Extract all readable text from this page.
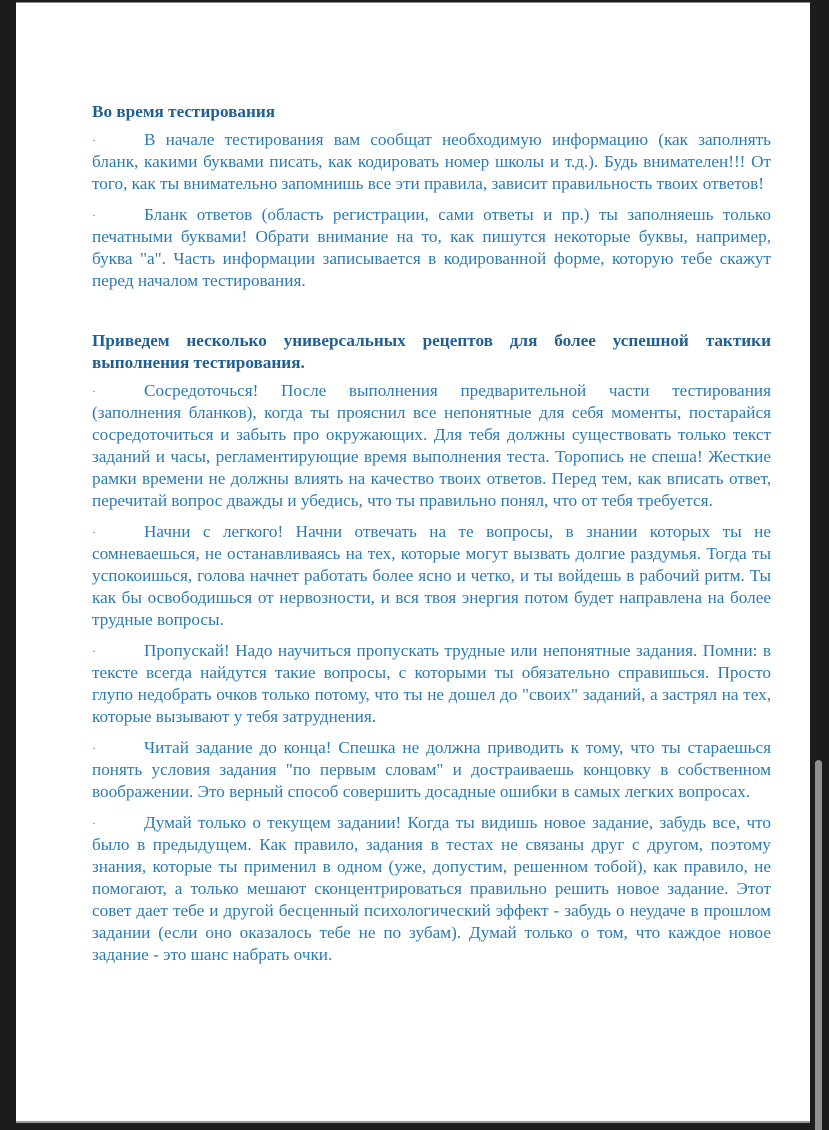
Во время тестирования
·	В начале тестирования вам сообщат необходимую информацию (как заполнять бланк, какими буквами писать, как кодировать номер школы и т.д.). Будь внимателен!!! От того, как ты внимательно запомнишь все эти правила, зависит правильность твоих ответов!
·	Бланк ответов (область регистрации, сами ответы и пр.) ты заполняешь только печатными буквами! Обрати внимание на то, как пишутся некоторые буквы, например, буква "а". Часть информации записывается в кодированной форме, которую тебе скажут перед началом тестирования.
Приведем несколько универсальных рецептов для более успешной тактики выполнения тестирования.
·	Сосредоточься! После выполнения предварительной части тестирования (заполнения бланков), когда ты прояснил все непонятные для себя моменты, постарайся сосредоточиться и забыть про окружающих. Для тебя должны существовать только текст заданий и часы, регламентирующие время выполнения теста. Торопись не спеша! Жесткие рамки времени не должны влиять на качество твоих ответов. Перед тем, как вписать ответ, перечитай вопрос дважды и убедись, что ты правильно понял, что от тебя требуется.
·	Начни с легкого! Начни отвечать на те вопросы, в знании которых ты не сомневаешься, не останавливаясь на тех, которые могут вызвать долгие раздумья. Тогда ты успокоишься, голова начнет работать более ясно и четко, и ты войдешь в рабочий ритм. Ты как бы освободишься от нервозности, и вся твоя энергия потом будет направлена на более трудные вопросы.
·	Пропускай! Надо научиться пропускать трудные или непонятные задания. Помни: в тексте всегда найдутся такие вопросы, с которыми ты обязательно справишься. Просто глупо недобрать очков только потому, что ты не дошел до "своих" заданий, а застрял на тех, которые вызывают у тебя затруднения.
·	Читай задание до конца! Спешка не должна приводить к тому, что ты стараешься понять условия задания "по первым словам" и достраиваешь концовку в собственном воображении. Это верный способ совершить досадные ошибки в самых легких вопросах.
·	Думай только о текущем задании! Когда ты видишь новое задание, забудь все, что было в предыдущем. Как правило, задания в тестах не связаны друг с другом, поэтому знания, которые ты применил в одном (уже, допустим, решенном тобой), как правило, не помогают, а только мешают сконцентрироваться правильно решить новое задание. Этот совет дает тебе и другой бесценный психологический эффект - забудь о неудаче в прошлом задании (если оно оказалось тебе не по зубам). Думай только о том, что каждое новое задание - это шанс набрать очки.
